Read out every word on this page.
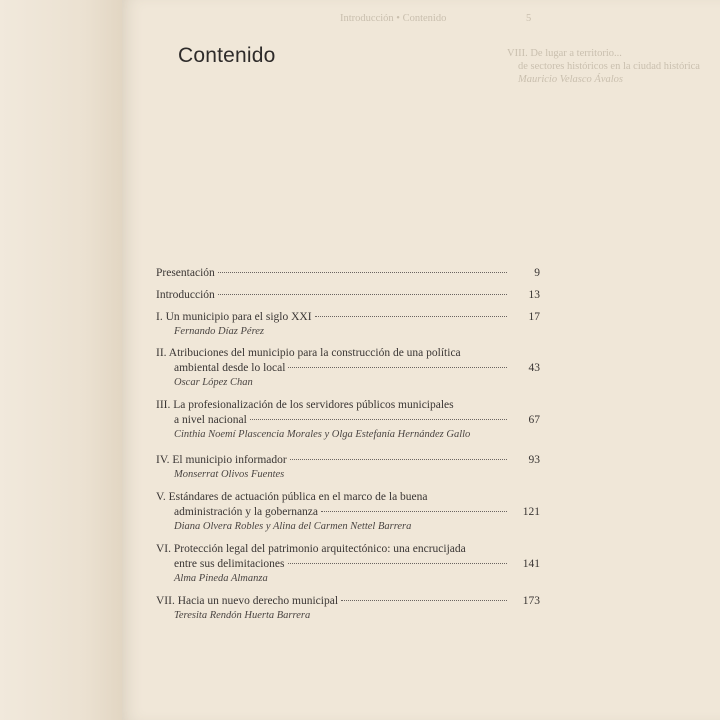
Introducción • Contenido	5
VIII. De lugar a territorio...
de sectores históricos en la ciudad histórica
Mauricio Velasco Ávalos
Contenido
Presentación	9
Introducción	13
I. Un municipio para el siglo XXI	17
Fernando Díaz Pérez
II. Atribuciones del municipio para la construcción de una política
ambiental desde lo local	43
Oscar López Chan
III. La profesionalización de los servidores públicos municipales
a nivel nacional	67
Cinthia Noemí Plascencia Morales y Olga Estefanía Hernández Gallo
IV. El municipio informador	93
Monserrat Olivos Fuentes
V. Estándares de actuación pública en el marco de la buena
administración y la gobernanza	121
Diana Olvera Robles y Alina del Carmen Nettel Barrera
VI. Protección legal del patrimonio arquitectónico: una encrucijada
entre sus delimitaciones	141
Alma Pineda Almanza
VII. Hacia un nuevo derecho municipal	173
Teresita Rendón Huerta Barrera
